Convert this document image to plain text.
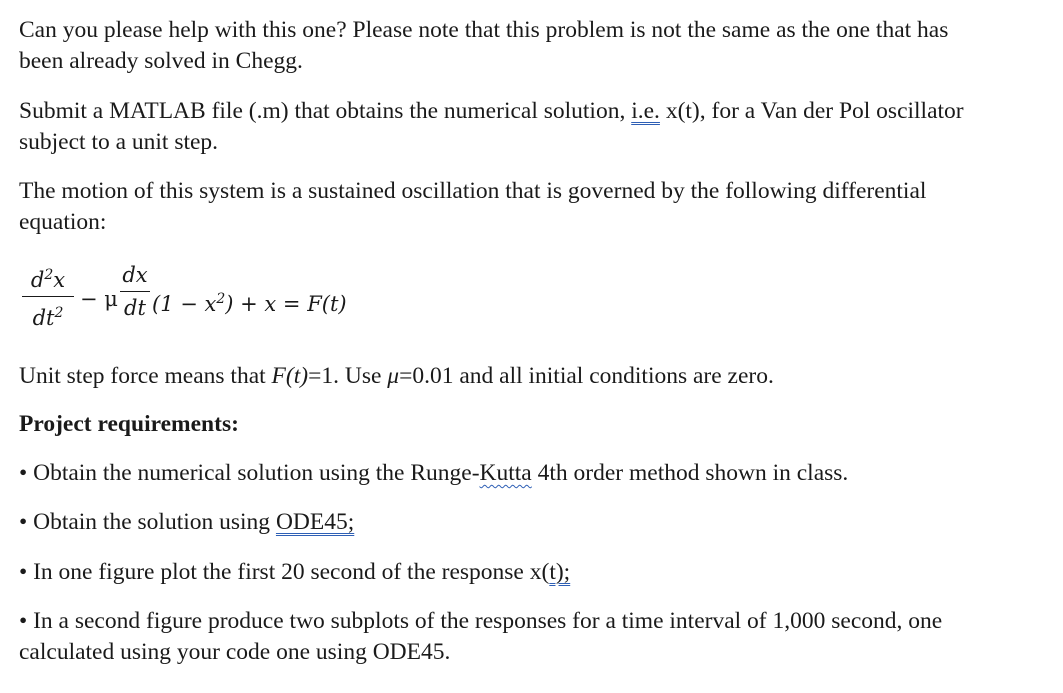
Can you please help with this one? Please note that this problem is not the same as the one that has

been already solved in Chegg.

Submit a MATLAB file (.m) that obtains the numerical solution, i.e. x(t), for a Van der Pol oscillator

subject to a unit step.

The motion of this system is a sustained oscillation that is governed by the following differential

equation:

$d^2x$
$dt^2$
− μ
dx
dt $(1 - x^2) + x = F(t)$

Unit step force means that F(t)=1. Use μ=0.01 and all initial conditions are zero.

Project requirements:

• Obtain the numerical solution using the Runge-Kutta 4th order method shown in class.

• Obtain the solution using ODE45;

• In one figure plot the first 20 second of the response x(t);

• In a second figure produce two subplots of the responses for a time interval of 1,000 second, one

calculated using your code one using ODE45.
